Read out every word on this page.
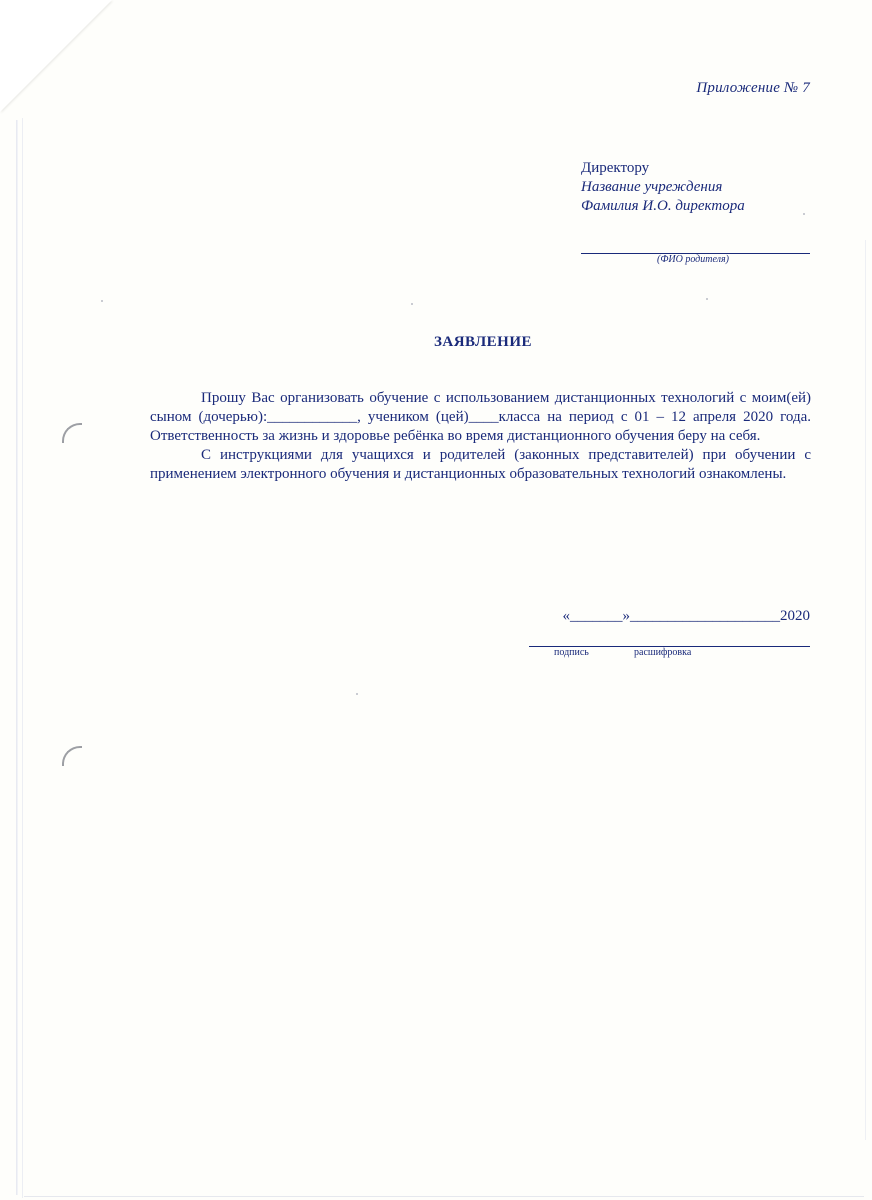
Приложение № 7
Директору
Название учреждения
Фамилия И.О. директора
(ФИО родителя)
ЗАЯВЛЕНИЕ

Прошу Вас организовать обучение с использованием дистанционных технологий с моим(ей) сыном (дочерью):____________, учеником (цей)____класса на период с 01 – 12 апреля 2020 года. Ответственность за жизнь и здоровье ребёнка во время дистанционного обучения беру на себя.

С инструкциями для учащихся и родителей (законных представителей) при обучении с применением электронного обучения и дистанционных образовательных технологий ознакомлены.

«_______»____________________2020
подпись	расшифровка
